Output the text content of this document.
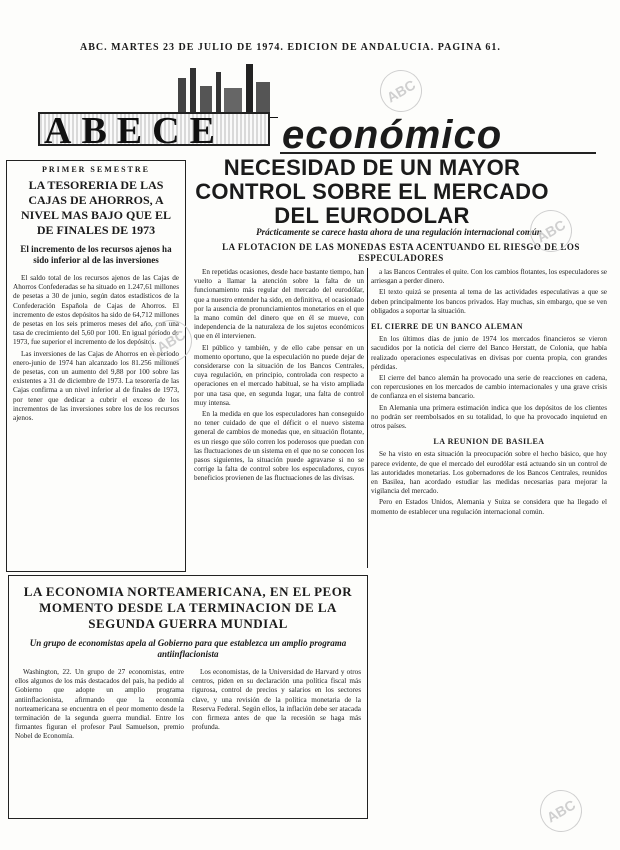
ABC. MARTES 23 DE JULIO DE 1974. EDICION DE ANDALUCIA. PAGINA 61.
ABECE	económico
PRIMER SEMESTRE
LA TESORERIA DE LAS CAJAS DE AHORROS, A NIVEL MAS BAJO QUE EL DE FINALES DE 1973
El incremento de los recursos ajenos ha sido inferior al de las inversiones

El saldo total de los recursos ajenos de las Cajas de Ahorros Confederadas se ha situado en 1.247,61 millones de pesetas a 30 de junio, según datos estadísticos de la Confederación Española de Cajas de Ahorros. El incremento de estos depósitos ha sido de 64,712 millones de pesetas en los seis primeros meses del año, con una tasa de crecimiento del 5,60 por 100. En igual período de 1973, fue superior el incremento de los depósitos.

Las inversiones de las Cajas de Ahorros en el período enero-junio de 1974 han alcanzado los 81.256 millones de pesetas, con un aumento del 9,88 por 100 sobre las existentes a 31 de diciembre de 1973. La tesorería de las Cajas confirma a un nivel inferior al de finales de 1973, por tener que dedicar a cubrir el exceso de los incrementos de las inversiones sobre los de los recursos ajenos.

NECESIDAD DE UN MAYOR CONTROL SOBRE EL MERCADO DEL EURODOLAR
Prácticamente se carece hasta ahora de una regulación internacional común
LA FLOTACION DE LAS MONEDAS ESTA ACENTUANDO EL RIESGO DE LOS ESPECULADORES

En repetidas ocasiones, desde hace bastante tiempo, han vuelto a llamar la atención sobre la falta de un funcionamiento más regular del mercado del eurodólar, que a nuestro entender ha sido, en definitiva, el ocasionado por la ausencia de pronunciamientos monetarios en el que la mano común del dinero que en él se mueve, con independencia de la naturaleza de los sujetos económicos que en él intervienen.

El público y también, y de ello cabe pensar en un momento oportuno, que la especulación no puede dejar de considerarse con la situación de los Bancos Centrales, cuya regulación, en principio, controlada con respecto a operaciones en el mercado habitual, se ha visto ampliada por una tasa que, en segunda lugar, una falta de control muy intensa.

En la medida en que los especuladores han conseguido no tener cuidado de que el déficit o el nuevo sistema general de cambios de monedas que, en situación flotante, es un riesgo que sólo corren los poderosos que puedan con las fluctuaciones de un sistema en el que no se conocen los pasos siguientes, la situación puede agravarse si no se corrige la falta de control sobre los especuladores, cuyos beneficios provienen de las fluctuaciones de las divisas.

a las Bancos Centrales el quite. Con los cambios flotantes, los especuladores se arriesgan a perder dinero.

El texto quizá se presenta al tema de las actividades especulativas a que se deben principalmente los bancos privados. Hay muchas, sin embargo, que se ven obligados a soportar la situación.

EL CIERRE DE UN BANCO ALEMAN

En los últimos días de junio de 1974 los mercados financieros se vieron sacudidos por la noticia del cierre del Banco Herstatt, de Colonia, que había realizado operaciones especulativas en divisas por cuenta propia, con grandes pérdidas.

El cierre del banco alemán ha provocado una serie de reacciones en cadena, con repercusiones en los mercados de cambio internacionales y una grave crisis de confianza en el sistema bancario.

En Alemania una primera estimación indica que los depósitos de los clientes no podrán ser reembolsados en su totalidad, lo que ha provocado inquietud en otros países.

LA REUNION DE BASILEA

Se ha visto en esta situación la preocupación sobre el hecho básico, que hoy parece evidente, de que el mercado del eurodólar está actuando sin un control de las autoridades monetarias. Los gobernadores de los Bancos Centrales, reunidos en Basilea, han acordado estudiar las medidas necesarias para mejorar la vigilancia del mercado.

Pero en Estados Unidos, Alemania y Suiza se considera que ha llegado el momento de establecer una regulación internacional común.

LA ECONOMIA NORTEAMERICANA, EN EL PEOR MOMENTO DESDE LA TERMINACION DE LA SEGUNDA GUERRA MUNDIAL
Un grupo de economistas apela al Gobierno para que establezca un amplio programa antiinflacionista

Washington, 22. Un grupo de 27 economistas, entre ellos algunos de los más destacados del país, ha pedido al Gobierno que adopte un amplio programa antiinflacionista, afirmando que la economía norteamericana se encuentra en el peor momento desde la terminación de la segunda guerra mundial. Entre los firmantes figuran el profesor Paul Samuelson, premio Nobel de Economía.

Los economistas, de la Universidad de Harvard y otros centros, piden en su declaración una política fiscal más rigurosa, control de precios y salarios en los sectores clave, y una revisión de la política monetaria de la Reserva Federal. Según ellos, la inflación debe ser atacada con firmeza antes de que la recesión se haga más profunda.

ABC
ABC
ABC
ABC
